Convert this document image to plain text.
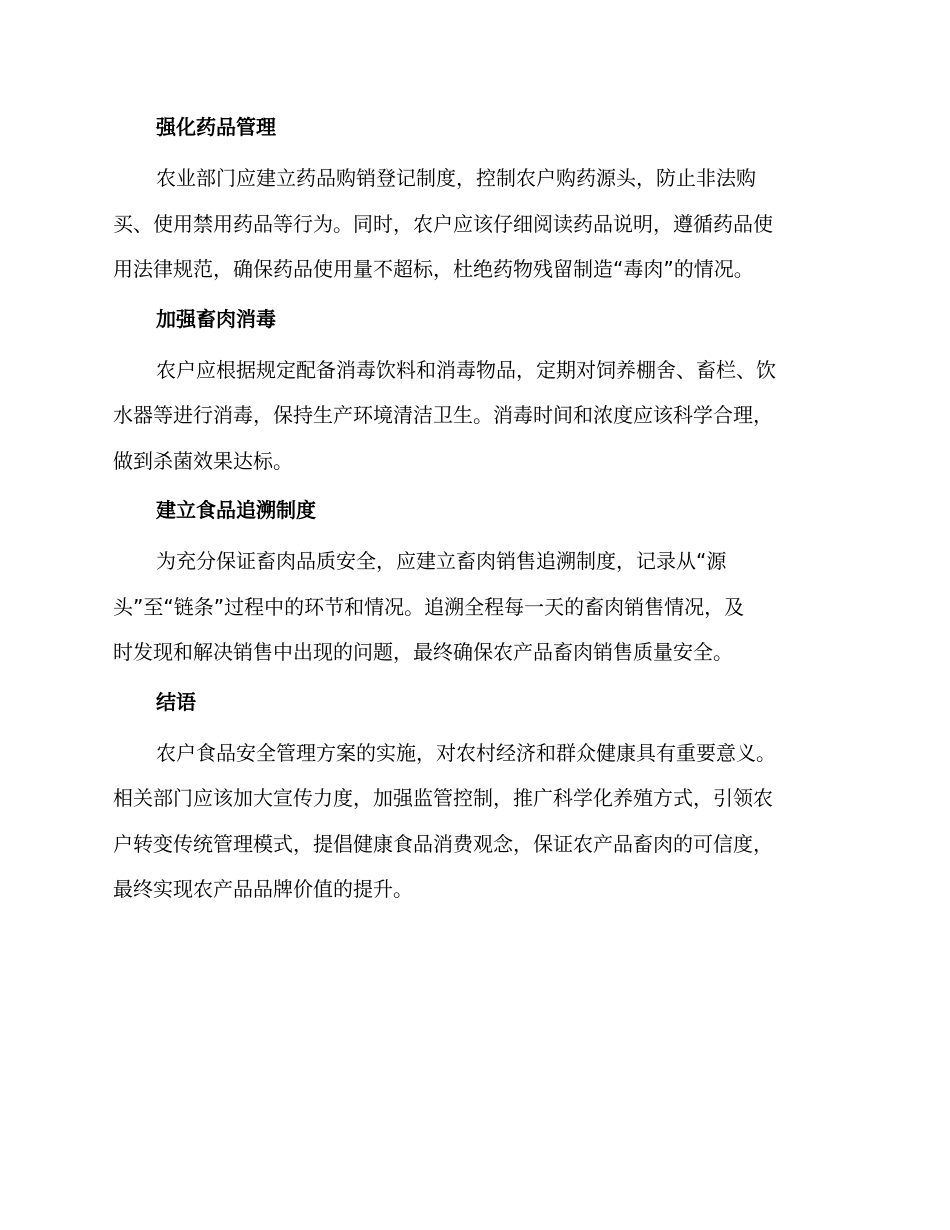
强化药品管理
农业部门应建立药品购销登记制度，控制农户购药源头，防止非法购
买、使用禁用药品等行为。同时，农户应该仔细阅读药品说明，遵循药品使
用法律规范，确保药品使用量不超标，杜绝药物残留制造“毒肉”的情况。
加强畜肉消毒
农户应根据规定配备消毒饮料和消毒物品，定期对饲养棚舍、畜栏、饮
水器等进行消毒，保持生产环境清洁卫生。消毒时间和浓度应该科学合理，
做到杀菌效果达标。
建立食品追溯制度
为充分保证畜肉品质安全，应建立畜肉销售追溯制度，记录从“源
头”至“链条”过程中的环节和情况。追溯全程每一天的畜肉销售情况，及
时发现和解决销售中出现的问题，最终确保农产品畜肉销售质量安全。
结语
农户食品安全管理方案的实施，对农村经济和群众健康具有重要意义。
相关部门应该加大宣传力度，加强监管控制，推广科学化养殖方式，引领农
户转变传统管理模式，提倡健康食品消费观念，保证农产品畜肉的可信度，
最终实现农产品品牌价值的提升。
